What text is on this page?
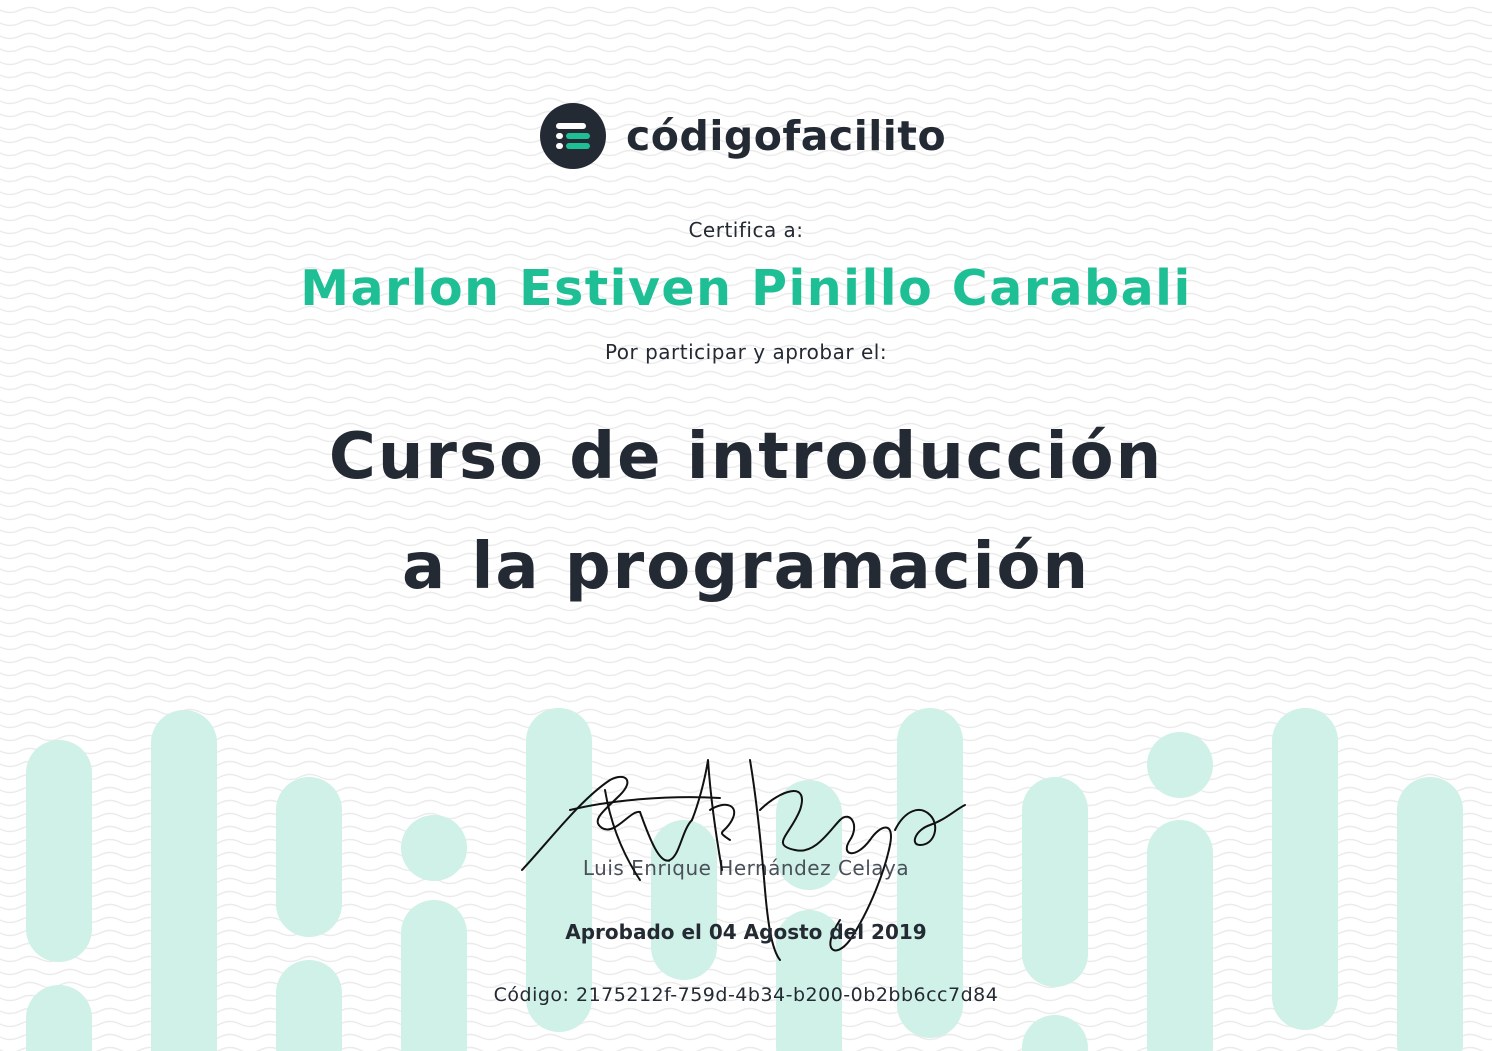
códigofacilito
Certifica a:
Marlon Estiven Pinillo Carabali
Por participar y aprobar el:
Curso de introducción
a la programación
Luis Enrique Hernández Celaya
Aprobado el 04 Agosto del 2019
Código: 2175212f-759d-4b34-b200-0b2bb6cc7d84
